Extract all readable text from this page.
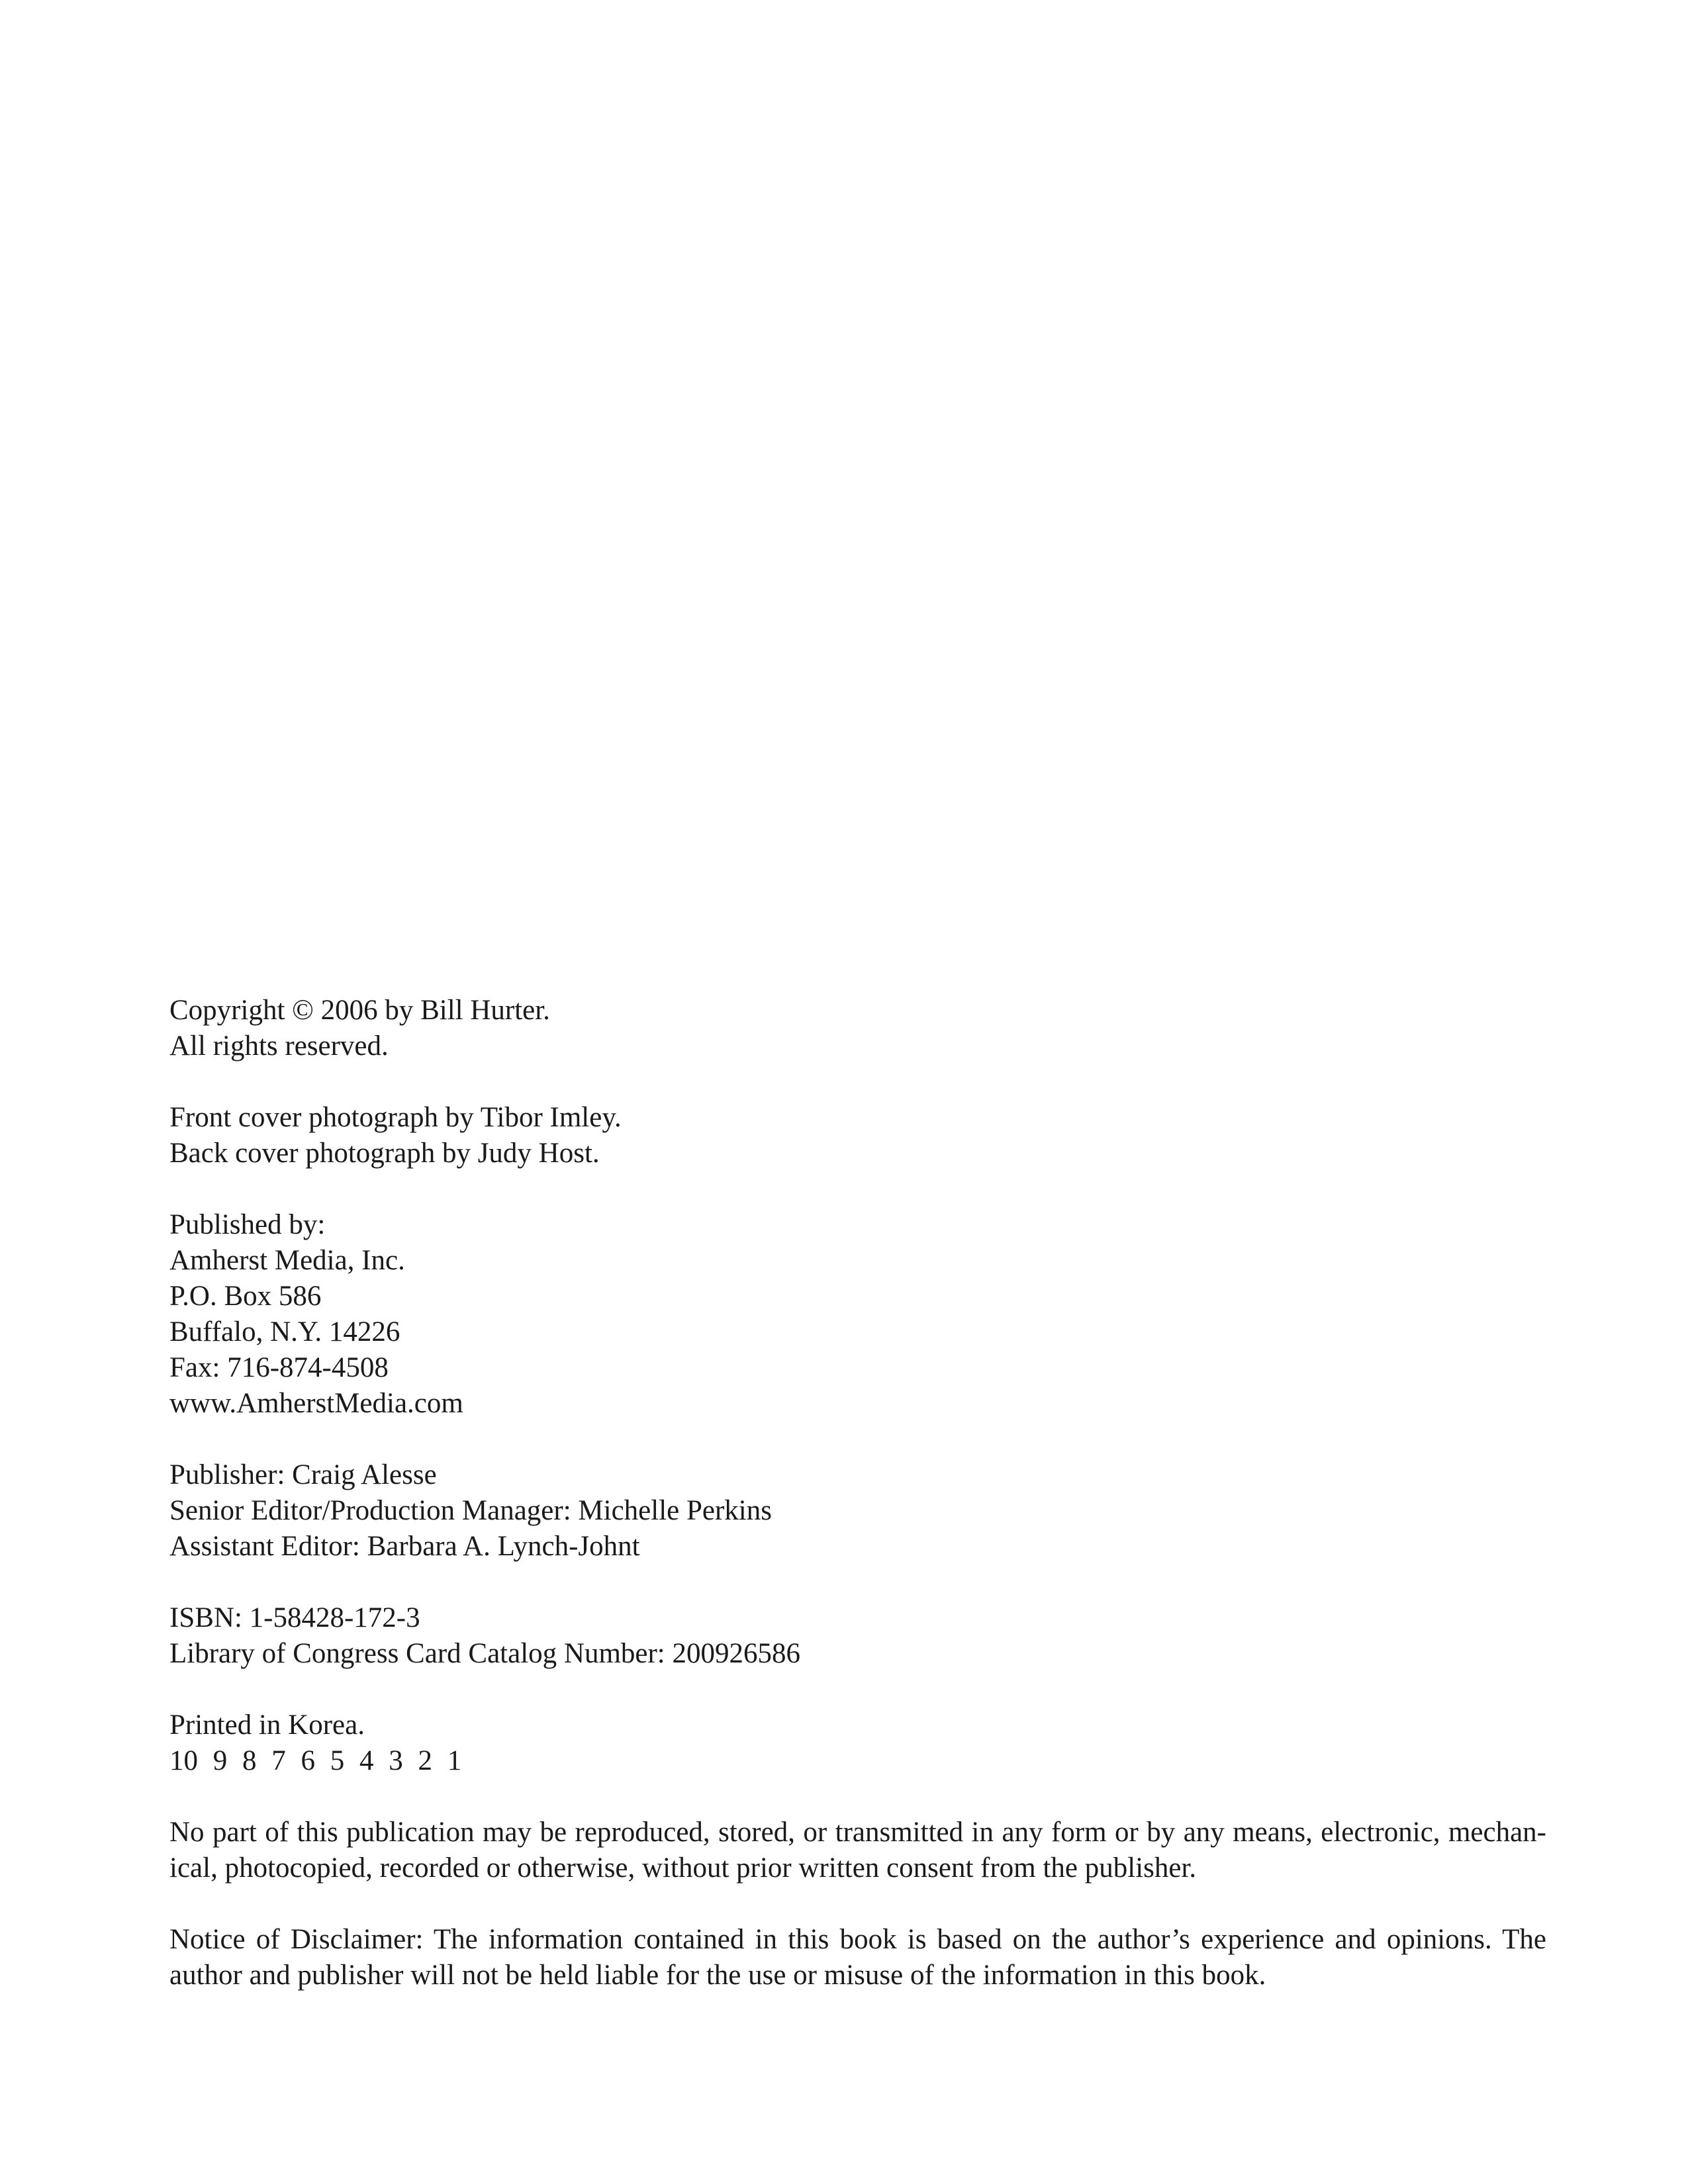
Copyright © 2006 by Bill Hurter.
All rights reserved.
Front cover photograph by Tibor Imley.
Back cover photograph by Judy Host.
Published by:
Amherst Media, Inc.
P.O. Box 586
Buffalo, N.Y. 14226
Fax: 716-874-4508
www.AmherstMedia.com
Publisher: Craig Alesse
Senior Editor/Production Manager: Michelle Perkins
Assistant Editor: Barbara A. Lynch-Johnt
ISBN: 1-58428-172-3
Library of Congress Card Catalog Number: 200926586
Printed in Korea.
10 9 8 7 6 5 4 3 2 1
No part of this publication may be reproduced, stored, or transmitted in any form or by any means, electronic, mechan-
ical, photocopied, recorded or otherwise, without prior written consent from the publisher.
Notice of Disclaimer: The information contained in this book is based on the author’s experience and opinions. The
author and publisher will not be held liable for the use or misuse of the information in this book.
